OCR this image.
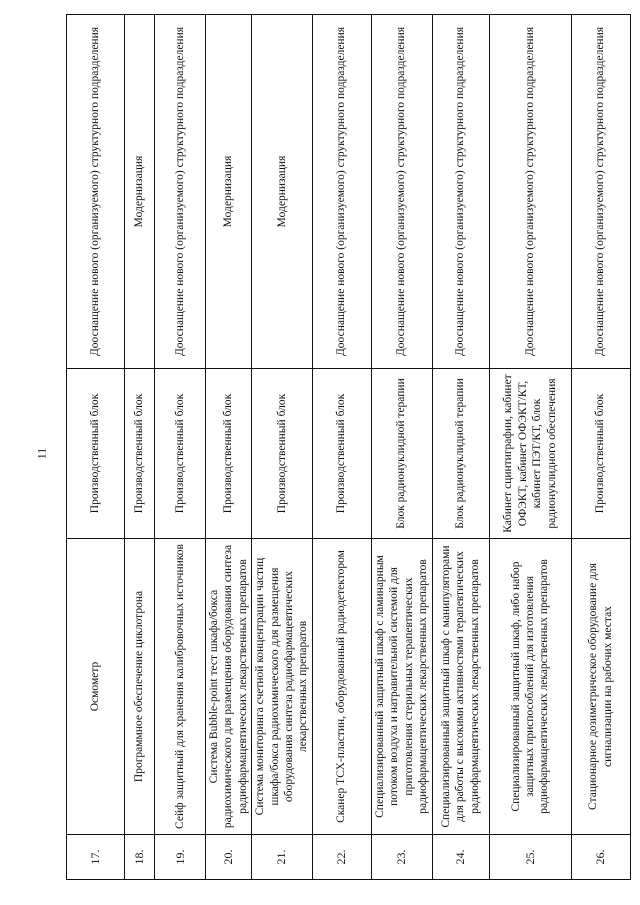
11
17.	Осмометр	Производственный блок	Дооснащение нового (организуемого) структурного подразделения
18.	Программное обеспечение циклотрона	Производственный блок	Модернизация
19.	Сейф защитный для хранения калибровочных источников	Производственный блок	Дооснащение нового (организуемого) структурного подразделения
20.	Система Bubble-point тест шкафа/бокса радиохимического для размещения оборудования синтеза радиофармацевтических лекарственных препаратов	Производственный блок	Модернизация
21.	Система мониторинга счетной концентрации частиц шкафа/бокса радиохимического для размещения оборудования синтеза радиофармацевтических лекарственных препаратов	Производственный блок	Модернизация
22.	Сканер ТСХ-пластин, оборудованный радиодетектором	Производственный блок	Дооснащение нового (организуемого) структурного подразделения
23.	Специализированный защитный шкаф с ламинарным потоком воздуха и натравительной системой для приготовления стерильных терапевтических радиофармацевтических лекарственных препаратов	Блок радионуклидной терапии	Дооснащение нового (организуемого) структурного подразделения
24.	Специализированный защитный шкаф с манипуляторами для работы с высокими активностями терапевтических радиофармацевтических лекарственных препаратов	Блок радионуклидной терапии	Дооснащение нового (организуемого) структурного подразделения
25.	Специализированный защитный шкаф, либо набор защитных приспособлений для изготовления радиофармацевтических лекарственных препаратов	Кабинет сцинтиграфии, кабинет ОФЭКТ, кабинет ОФЭКТ/КТ, кабинет ПЭТ/КТ, блок радионуклидного обеспечения	Дооснащение нового (организуемого) структурного подразделения
26.	Стационарное дозиметрическое оборудование для сигнализации на рабочих местах	Производственный блок	Дооснащение нового (организуемого) структурного подразделения
